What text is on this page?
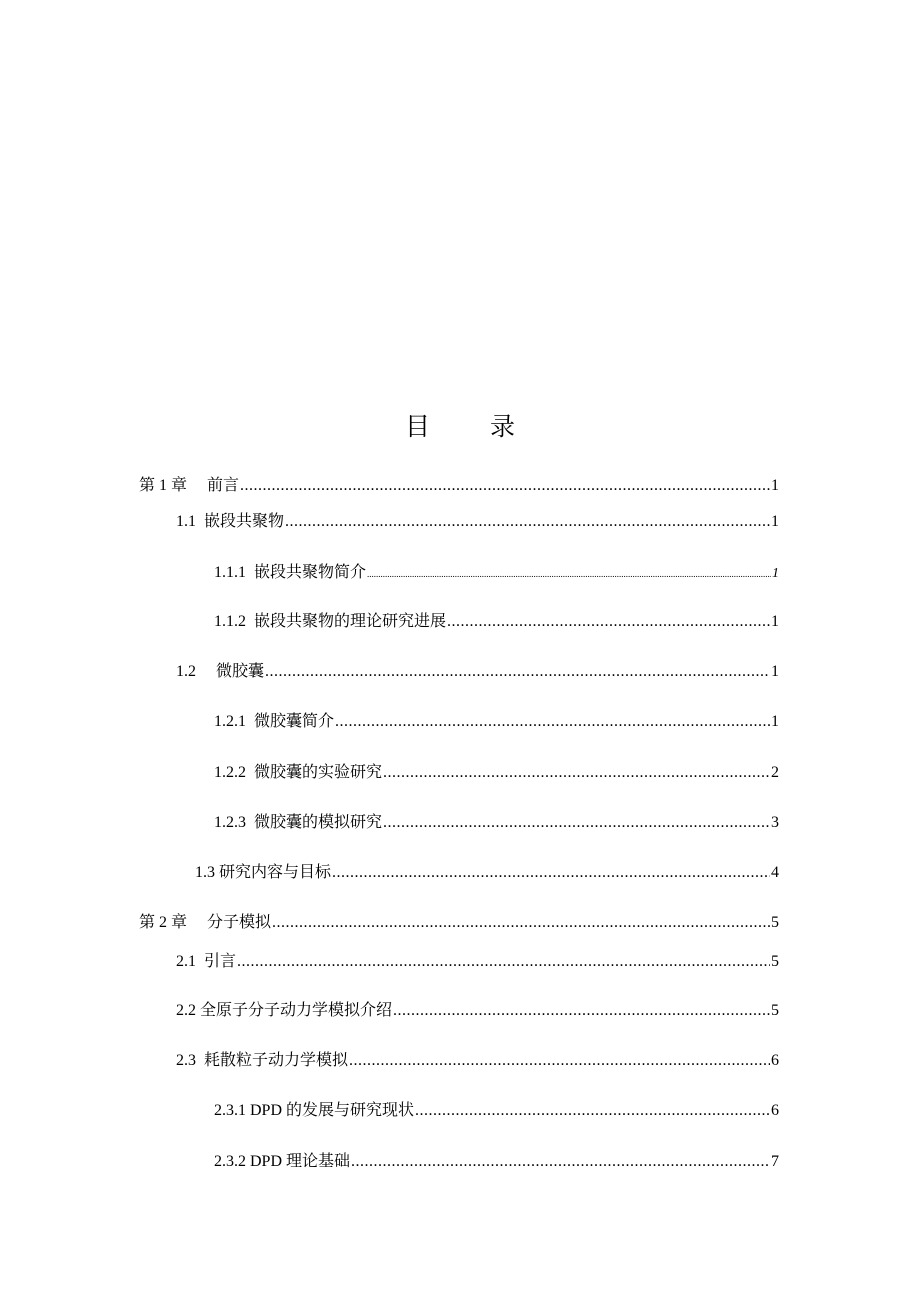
目 录
第 1 章 前言 .....	1
1.1 嵌段共聚物 .....	1
1.1.1 嵌段共聚物简介 .....	1
1.1.2 嵌段共聚物的理论研究进展 .....	1
1.2 微胶囊 .....	1
1.2.1 微胶囊简介 .....	1
1.2.2 微胶囊的实验研究 .....	2
1.2.3 微胶囊的模拟研究 .....	3
1.3 研究内容与目标 .....	4
第 2 章 分子模拟 .....	5
2.1 引言 .....	5
2.2 全原子分子动力学模拟介绍 .....	5
2.3 耗散粒子动力学模拟 .....	6
2.3.1 DPD 的发展与研究现状 .....	6
2.3.2 DPD 理论基础 .....	7
